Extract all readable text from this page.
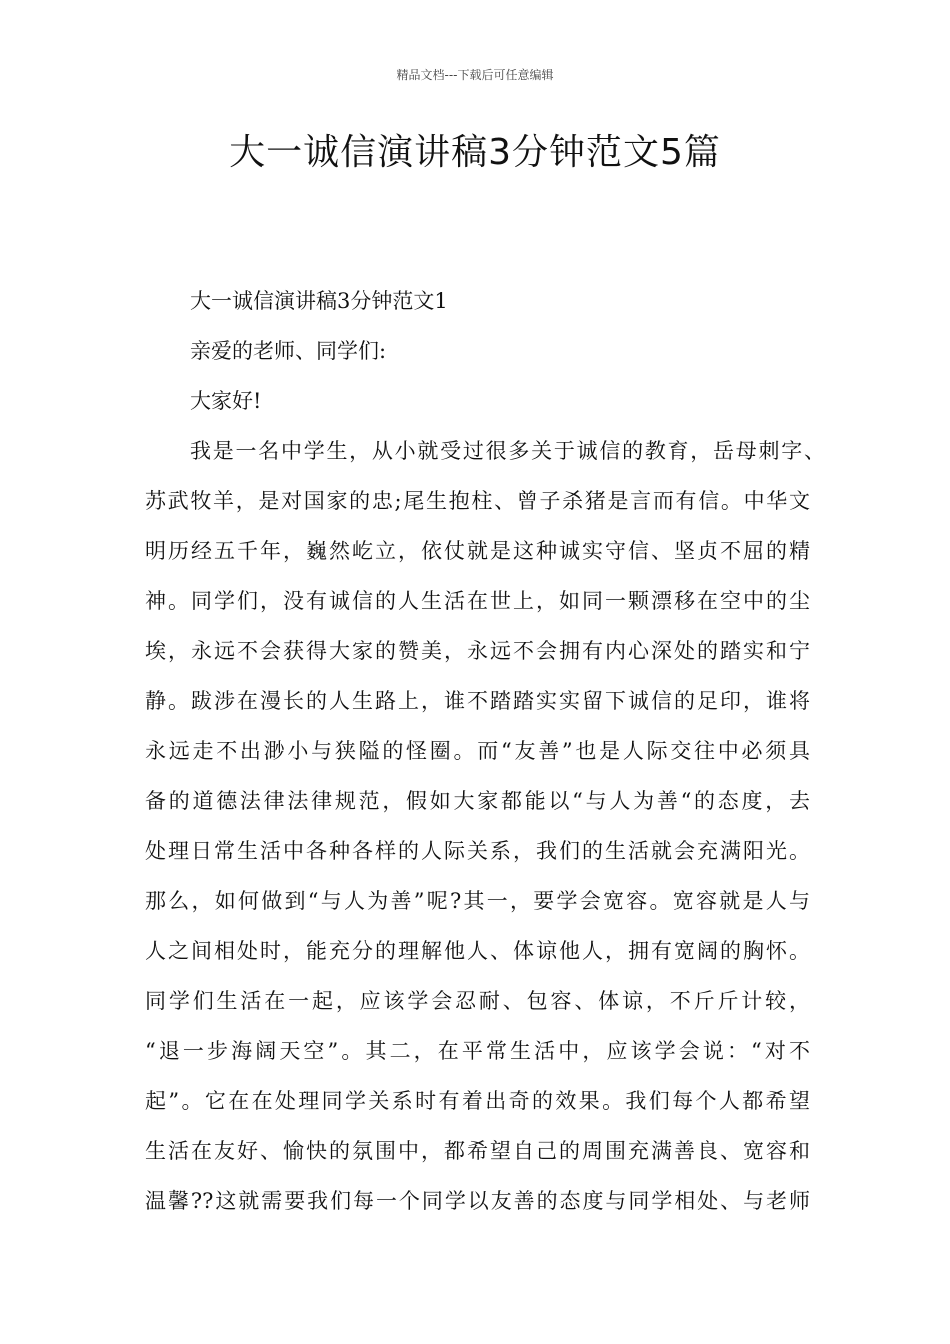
精品文档---下载后可任意编辑
大一诚信演讲稿3分钟范文5篇
大一诚信演讲稿3分钟范文1
亲爱的老师、同学们:
大家好!
我是一名中学生，从小就受过很多关于诚信的教育，岳母刺字、
苏武牧羊，是对国家的忠;尾生抱柱、曾子杀猪是言而有信。中华文
明历经五千年，巍然屹立，依仗就是这种诚实守信、坚贞不屈的精
神。同学们，没有诚信的人生活在世上，如同一颗漂移在空中的尘
埃，永远不会获得大家的赞美，永远不会拥有内心深处的踏实和宁
静。跋涉在漫长的人生路上，谁不踏踏实实留下诚信的足印，谁将
永远走不出渺小与狭隘的怪圈。而“友善”也是人际交往中必须具
备的道德法律法律规范，假如大家都能以“与人为善“的态度，去
处理日常生活中各种各样的人际关系，我们的生活就会充满阳光。
那么，如何做到“与人为善”呢?其一，要学会宽容。宽容就是人与
人之间相处时，能充分的理解他人、体谅他人，拥有宽阔的胸怀。
同学们生活在一起，应该学会忍耐、包容、体谅，不斤斤计较，
“退一步海阔天空”。其二，在平常生活中，应该学会说：“对不
起”。它在在处理同学关系时有着出奇的效果。我们每个人都希望
生活在友好、愉快的氛围中，都希望自己的周围充满善良、宽容和
温馨??这就需要我们每一个同学以友善的态度与同学相处、与老师
